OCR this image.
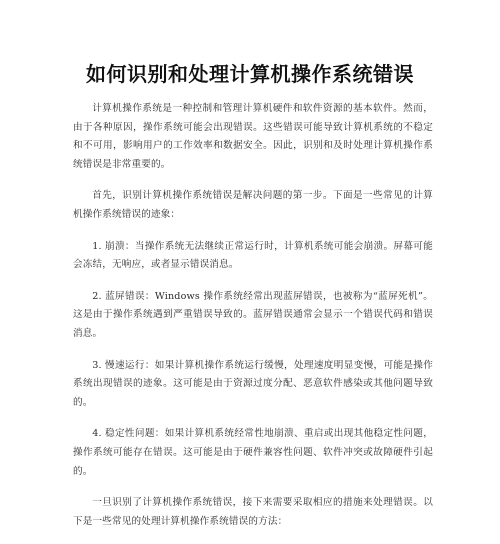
如何识别和处理计算机操作系统错误

计算机操作系统是一种控制和管理计算机硬件和软件资源的基本软件。然而，由于各种原因，操作系统可能会出现错误。这些错误可能导致计算机系统的不稳定和不可用，影响用户的工作效率和数据安全。因此，识别和及时处理计算机操作系统错误是非常重要的。

首先，识别计算机操作系统错误是解决问题的第一步。下面是一些常见的计算机操作系统错误的迹象：

1. 崩溃：当操作系统无法继续正常运行时，计算机系统可能会崩溃。屏幕可能会冻结，无响应，或者显示错误消息。

2. 蓝屏错误：Windows 操作系统经常出现蓝屏错误，也被称为“蓝屏死机”。这是由于操作系统遇到严重错误导致的。蓝屏错误通常会显示一个错误代码和错误消息。

3. 慢速运行：如果计算机操作系统运行缓慢，处理速度明显变慢，可能是操作系统出现错误的迹象。这可能是由于资源过度分配、恶意软件感染或其他问题导致的。

4. 稳定性问题：如果计算机系统经常性地崩溃、重启或出现其他稳定性问题，操作系统可能存在错误。这可能是由于硬件兼容性问题、软件冲突或故障硬件引起的。

一旦识别了计算机操作系统错误，接下来需要采取相应的措施来处理错误。以下是一些常见的处理计算机操作系统错误的方法：
